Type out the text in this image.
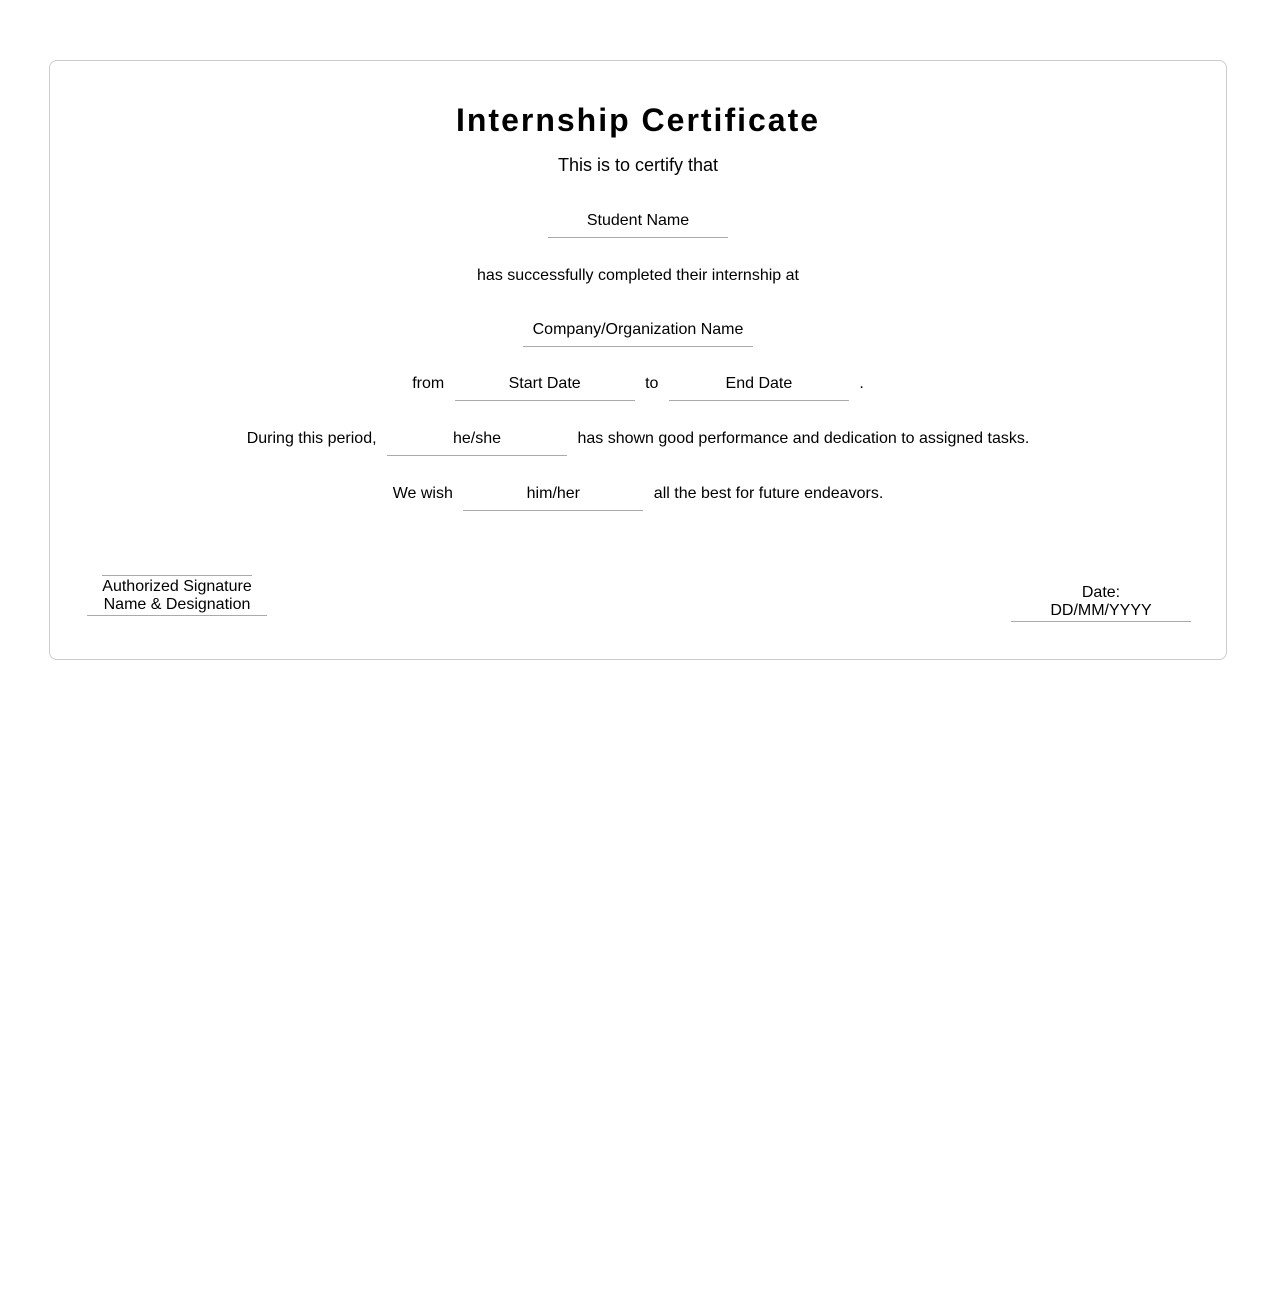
Internship Certificate
This is to certify that
Student Name
has successfully completed their internship at
Company/Organization Name
from	Start Date	to	End Date	.
During this period,	he/she	has shown good performance and dedication to assigned tasks.
We wish	him/her	all the best for future endeavors.
Authorized Signature
Name & Designation
Date:
DD/MM/YYYY
